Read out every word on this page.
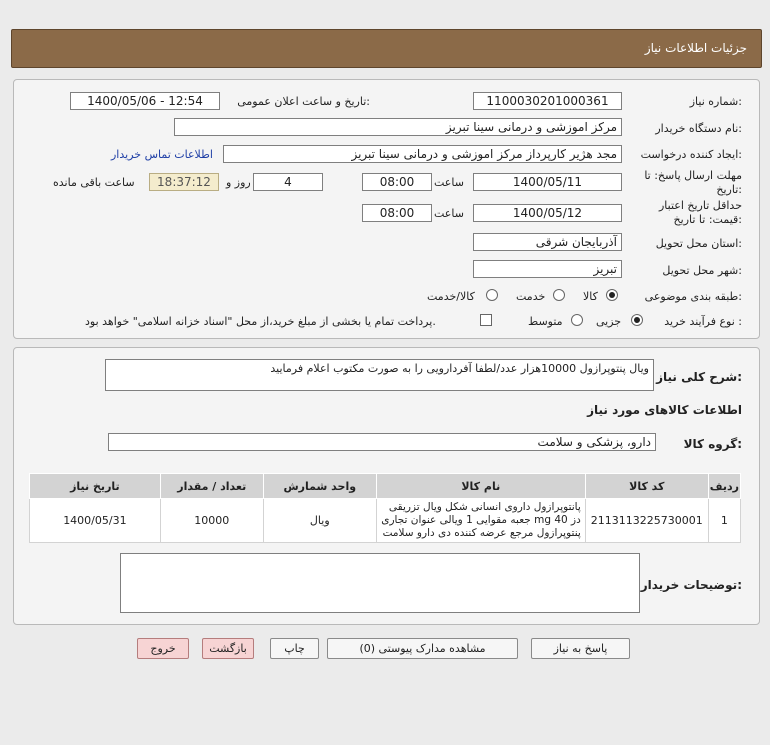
جزئیات اطلاعات نیاز
شماره نیاز:
1100030201000361
تاریخ و ساعت اعلان عمومی:
1400/05/06 - 12:54
نام دستگاه خریدار:
مرکز اموزشی و درمانی سینا تبریز
ایجاد کننده درخواست:
مجد هژیر کارپرداز مرکز اموزشی و درمانی سینا تبریز
اطلاعات تماس خریدار
مهلت ارسال پاسخ: تا تاریخ:
1400/05/11
ساعت
08:00
4
روز و
18:37:12
ساعت باقی مانده
حداقل تاریخ اعتبار قیمت: تا تاریخ:
1400/05/12
ساعت
08:00
استان محل تحویل:
آذربایجان شرقی
شهر محل تحویل:
تبریز
طبقه بندی موضوعی:
کالا
خدمت
کالا/خدمت
نوع فرآیند خرید :
جزیی
متوسط
پرداخت تمام یا بخشی از مبلغ خرید،از محل "اسناد خزانه اسلامی" خواهد بود.
شرح کلی نیاز:
ویال پنتوپرازول 10000هزار عدد/لطفا آفردارویی را به صورت مکتوب اعلام فرمایید
اطلاعات کالاهای مورد نیاز
گروه کالا:
دارو، پزشکی و سلامت
ردیف	کد کالا	نام کالا	واحد شمارش	تعداد / مقدار	تاریخ نیاز
1	2113113225730001	پانتوپرازول داروی انسانی شکل ویال تزریقی دز mg 40 جعبه مقوایی 1 ویالی عنوان تجاری پنتوپرازول مرجع عرضه کننده دی دارو سلامت	ویال	10000	1400/05/31
توضیحات خریدار:
پاسخ به نیاز
مشاهده مدارک پیوستی (0)
چاپ
بازگشت
خروج
